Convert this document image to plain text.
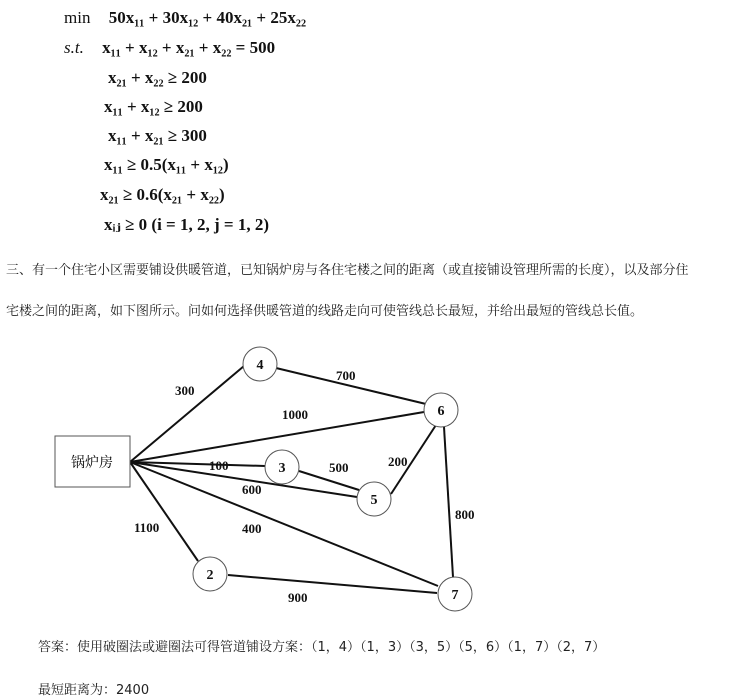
min 50x₁₁ + 30x₁₂ + 40x₂₁ + 25x₂₂
s.t. x₁₁ + x₁₂ + x₂₁ + x₂₂ = 500
x₂₁ + x₂₂ ≥ 200
x₁₁ + x₁₂ ≥ 200
x₁₁ + x₂₁ ≥ 300
x₁₁ ≥ 0.5(x₁₁ + x₁₂)
x₂₁ ≥ 0.6(x₂₁ + x₂₂)
xᵢⱼ ≥ 0 (i = 1, 2, j = 1, 2)
三、有一个住宅小区需要铺设供暖管道，已知锅炉房与各住宅楼之间的距离（或直接铺设管理所需的长度），以及部分住
宅楼之间的距离，如下图所示。问如何选择供暖管道的线路走向可使管线总长最短，并给出最短的管线总长值。
锅炉房
4
6
3
5
2
7
300
700
1000
100	500
600
200
800
1100	400
900
答案：使用破圈法或避圈法可得管道铺设方案：（1，4）（1，3）（3，5）（5，6）（1，7）（2，7）
最短距离为：2400
